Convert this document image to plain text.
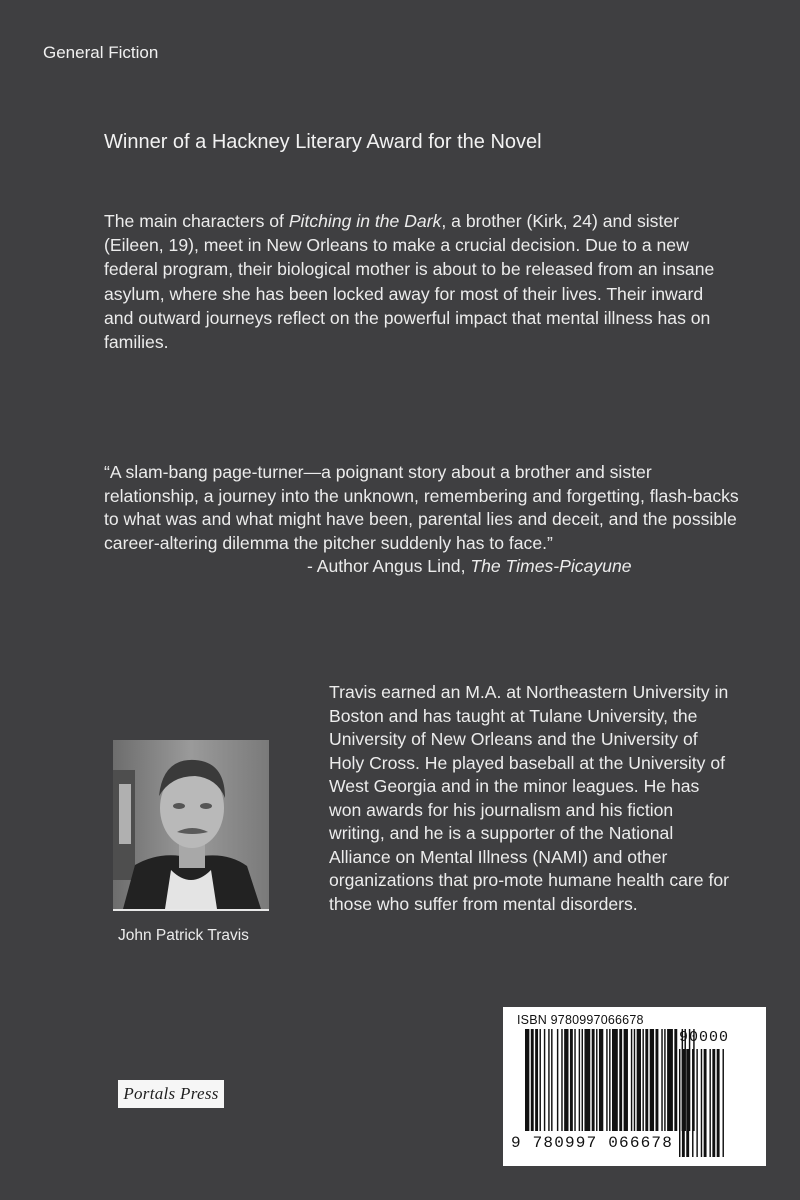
General Fiction
Winner of a Hackney Literary Award for the Novel
The main characters of Pitching in the Dark, a brother (Kirk, 24) and sister (Eileen, 19), meet in New Orleans to make a crucial decision. Due to a new federal program, their biological mother is about to be released from an insane asylum, where she has been locked away for most of their lives. Their inward and outward journeys reflect on the powerful impact that mental illness has on families.
“A slam-bang page-turner—a poignant story about a brother and sister relationship, a journey into the unknown, remembering and forgetting, flash-backs to what was and what might have been, parental lies and deceit, and the possible career-altering dilemma the pitcher suddenly has to face.”
- Author Angus Lind, The Times-Picayune
John Patrick Travis
Travis earned an M.A. at Northeastern University in Boston and has taught at Tulane University, the University of New Orleans and the University of Holy Cross. He played baseball at the University of West Georgia and in the minor leagues. He has won awards for his journalism and his fiction writing, and he is a supporter of the National Alliance on Mental Illness (NAMI) and other organizations that pro-mote humane health care for those who suffer from mental disorders.
Portals Press
ISBN 9780997066678
90000
9 780997 066678
